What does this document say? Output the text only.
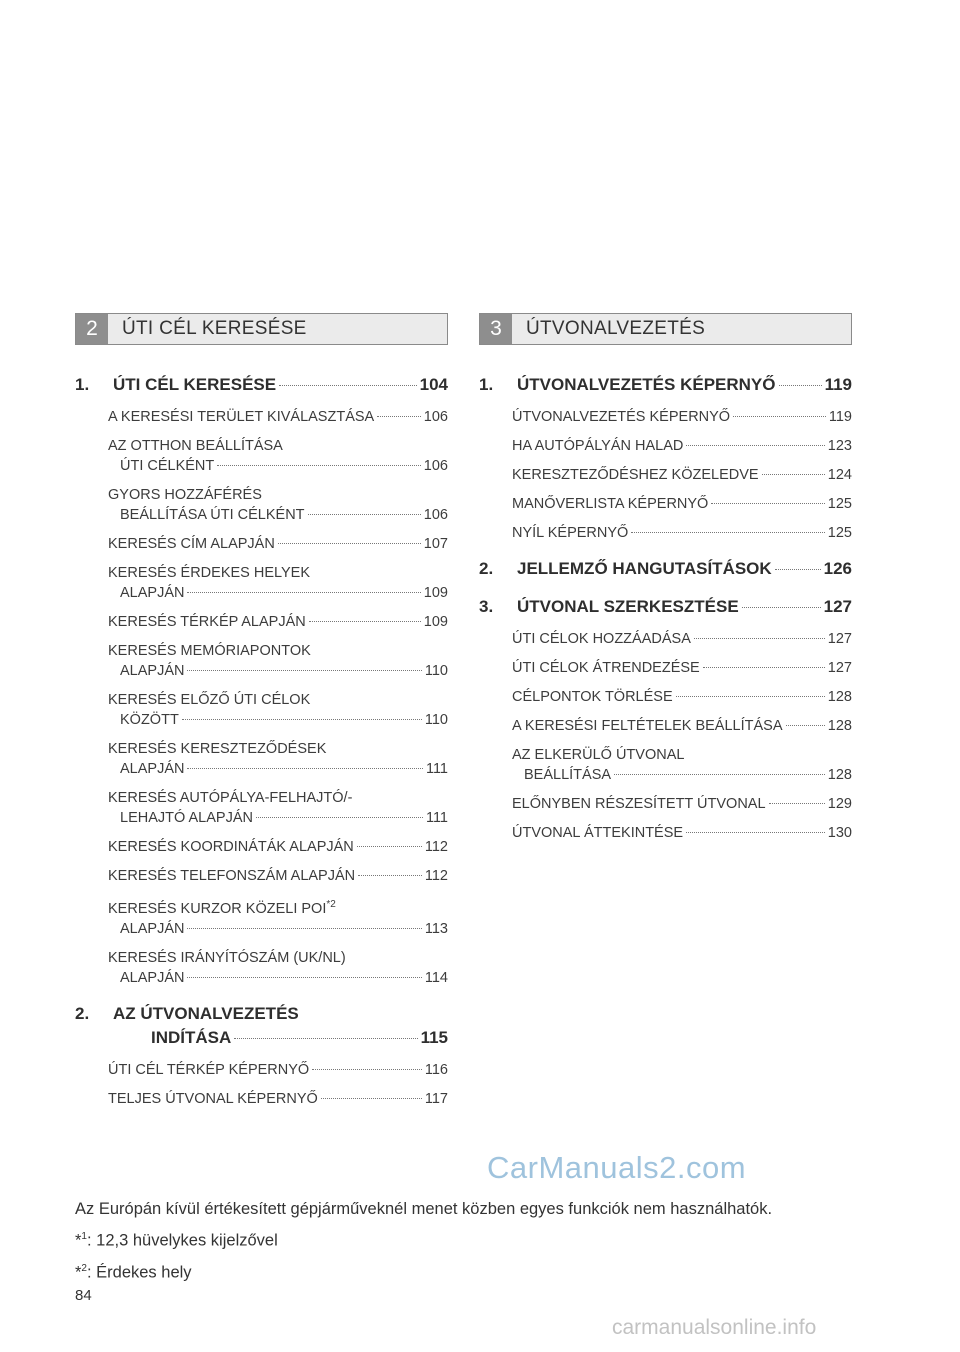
2	ÚTI CÉL KERESÉSE
1.	ÚTI CÉL KERESÉSE	104
A KERESÉSI TERÜLET KIVÁLASZTÁSA	106
AZ OTTHON BEÁLLÍTÁSA
ÚTI CÉLKÉNT	106
GYORS HOZZÁFÉRÉS
BEÁLLÍTÁSA ÚTI CÉLKÉNT	106
KERESÉS CÍM ALAPJÁN	107
KERESÉS ÉRDEKES HELYEK
ALAPJÁN	109
KERESÉS TÉRKÉP ALAPJÁN	109
KERESÉS MEMÓRIAPONTOK
ALAPJÁN	110
KERESÉS ELŐZŐ ÚTI CÉLOK
KÖZÖTT	110
KERESÉS KERESZTEZŐDÉSEK
ALAPJÁN	111
KERESÉS AUTÓPÁLYA-FELHAJTÓ/-
LEHAJTÓ ALAPJÁN	111
KERESÉS KOORDINÁTÁK ALAPJÁN	112
KERESÉS TELEFONSZÁM ALAPJÁN	112
KERESÉS KURZOR KÖZELI POI$^{*2}$
ALAPJÁN	113
KERESÉS IRÁNYÍTÓSZÁM (UK/NL)
ALAPJÁN	114
2.	AZ ÚTVONALVEZETÉS
INDÍTÁSA	115
ÚTI CÉL TÉRKÉP KÉPERNYŐ	116
TELJES ÚTVONAL KÉPERNYŐ	117
3	ÚTVONALVEZETÉS
1.	ÚTVONALVEZETÉS KÉPERNYŐ	119
ÚTVONALVEZETÉS KÉPERNYŐ	119
HA AUTÓPÁLYÁN HALAD	123
KERESZTEZŐDÉSHEZ KÖZELEDVE	124
MANŐVERLISTA KÉPERNYŐ	125
NYÍL KÉPERNYŐ	125
2.	JELLEMZŐ HANGUTASÍTÁSOK	126
3.	ÚTVONAL SZERKESZTÉSE	127
ÚTI CÉLOK HOZZÁADÁSA	127
ÚTI CÉLOK ÁTRENDEZÉSE	127
CÉLPONTOK TÖRLÉSE	128
A KERESÉSI FELTÉTELEK BEÁLLÍTÁSA	128
AZ ELKERÜLŐ ÚTVONAL
BEÁLLÍTÁSA	128
ELŐNYBEN RÉSZESÍTETT ÚTVONAL	129
ÚTVONAL ÁTTEKINTÉSE	130
CarManuals2.com
Az Európán kívül értékesített gépjárműveknél menet közben egyes funkciók nem használhatók.
*$^1$: 12,3 hüvelykes kijelzővel
*$^2$: Érdekes hely
84
carmanualsonline.info
